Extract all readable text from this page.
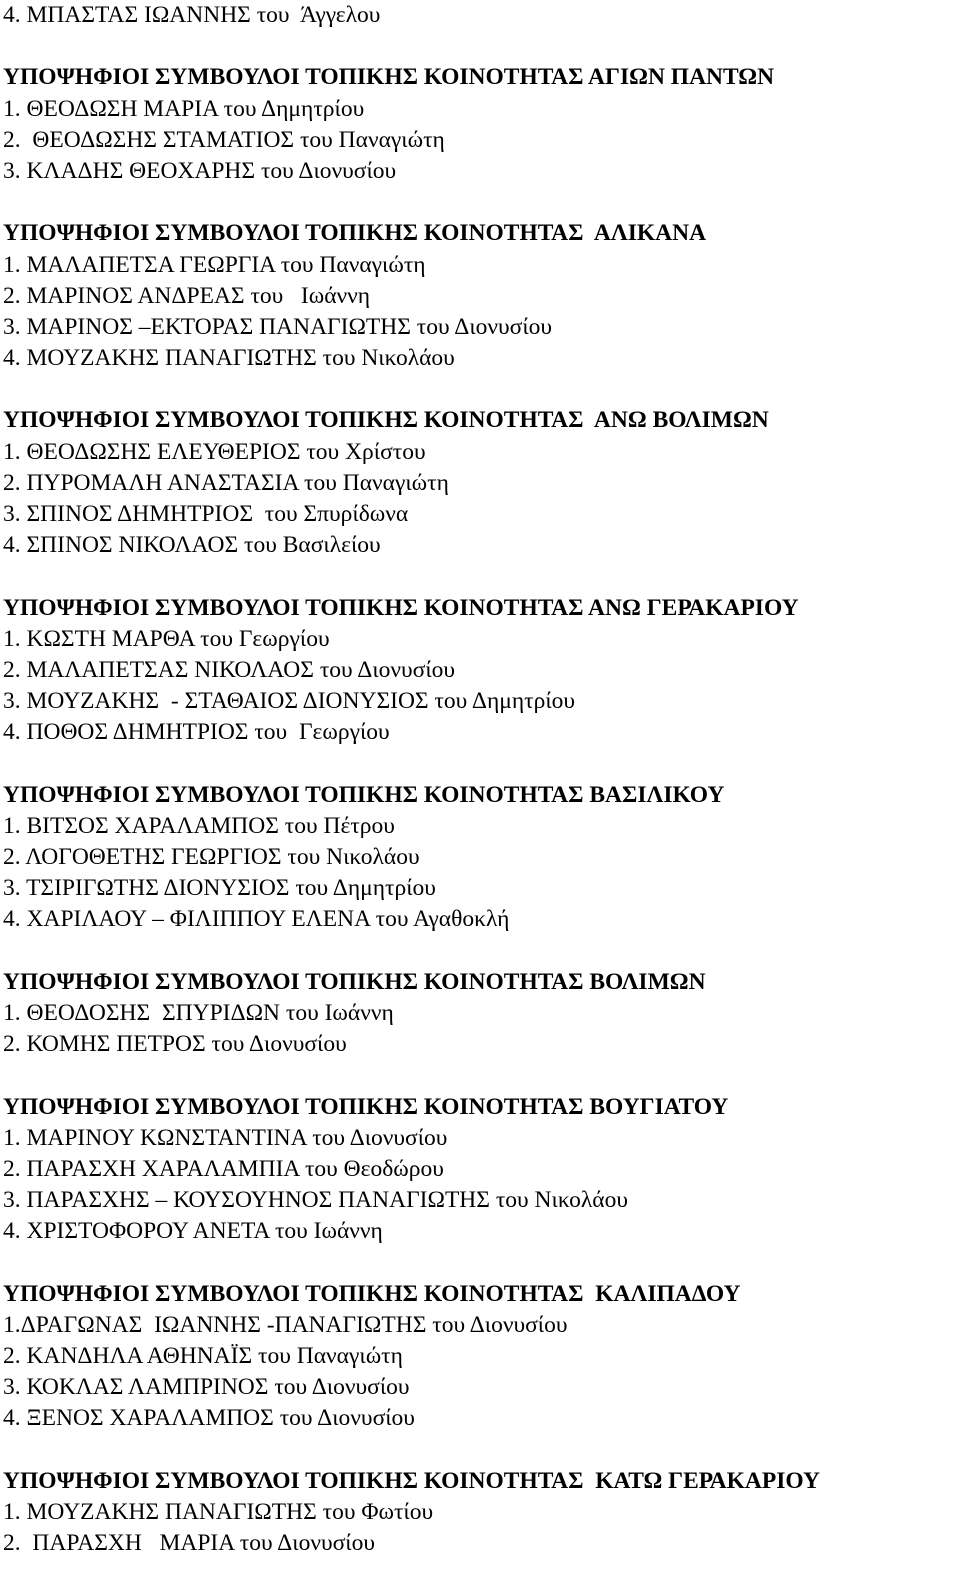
4. ΜΠΑΣΤΑΣ ΙΩΑΝΝΗΣ του  Άγγελου
ΥΠΟΨΗΦΙΟΙ ΣΥΜΒΟΥΛΟΙ ΤΟΠΙΚΗΣ ΚΟΙΝΟΤΗΤΑΣ ΑΓΙΩΝ ΠΑΝΤΩΝ
1. ΘΕΟΔΩΣΗ ΜΑΡΙΑ του Δημητρίου
2.  ΘΕΟΔΩΣΗΣ ΣΤΑΜΑΤΙΟΣ του Παναγιώτη
3. ΚΛΑΔΗΣ ΘΕΟΧΑΡΗΣ του Διονυσίου
ΥΠΟΨΗΦΙΟΙ ΣΥΜΒΟΥΛΟΙ ΤΟΠΙΚΗΣ ΚΟΙΝΟΤΗΤΑΣ  ΑΛΙΚΑΝΑ
1. ΜΑΛΑΠΕΤΣΑ ΓΕΩΡΓΙΑ του Παναγιώτη
2. ΜΑΡΙΝΟΣ ΑΝΔΡΕΑΣ του   Ιωάννη
3. ΜΑΡΙΝΟΣ –ΕΚΤΟΡΑΣ ΠΑΝΑΓΙΩΤΗΣ του Διονυσίου
4. ΜΟΥΖΑΚΗΣ ΠΑΝΑΓΙΩΤΗΣ του Νικολάου
ΥΠΟΨΗΦΙΟΙ ΣΥΜΒΟΥΛΟΙ ΤΟΠΙΚΗΣ ΚΟΙΝΟΤΗΤΑΣ  ΑΝΩ ΒΟΛΙΜΩΝ
1. ΘΕΟΔΩΣΗΣ ΕΛΕΥΘΕΡΙΟΣ του Χρίστου
2. ΠΥΡΟΜΑΛΗ ΑΝΑΣΤΑΣΙΑ του Παναγιώτη
3. ΣΠΙΝΟΣ ΔΗΜΗΤΡΙΟΣ  του Σπυρίδωνα
4. ΣΠΙΝΟΣ ΝΙΚΟΛΑΟΣ του Βασιλείου
ΥΠΟΨΗΦΙΟΙ ΣΥΜΒΟΥΛΟΙ ΤΟΠΙΚΗΣ ΚΟΙΝΟΤΗΤΑΣ ΑΝΩ ΓΕΡΑΚΑΡΙΟΥ
1. ΚΩΣΤΗ ΜΑΡΘΑ του Γεωργίου
2. ΜΑΛΑΠΕΤΣΑΣ ΝΙΚΟΛΑΟΣ του Διονυσίου
3. ΜΟΥΖΑΚΗΣ  - ΣΤΑΘΑΙΟΣ ΔΙΟΝΥΣΙΟΣ του Δημητρίου
4. ΠΟΘΟΣ ΔΗΜΗΤΡΙΟΣ του  Γεωργίου
ΥΠΟΨΗΦΙΟΙ ΣΥΜΒΟΥΛΟΙ ΤΟΠΙΚΗΣ ΚΟΙΝΟΤΗΤΑΣ ΒΑΣΙΛΙΚΟΥ
1. ΒΙΤΣΟΣ ΧΑΡΑΛΑΜΠΟΣ του Πέτρου
2. ΛΟΓΟΘΕΤΗΣ ΓΕΩΡΓΙΟΣ του Νικολάου
3. ΤΣΙΡΙΓΩΤΗΣ ΔΙΟΝΥΣΙΟΣ του Δημητρίου
4. ΧΑΡΙΛΑΟΥ – ΦΙΛΙΠΠΟΥ ΕΛΕΝΑ του Αγαθοκλή
ΥΠΟΨΗΦΙΟΙ ΣΥΜΒΟΥΛΟΙ ΤΟΠΙΚΗΣ ΚΟΙΝΟΤΗΤΑΣ ΒΟΛΙΜΩΝ
1. ΘΕΟΔΟΣΗΣ  ΣΠΥΡΙΔΩΝ του Ιωάννη
2. ΚΟΜΗΣ ΠΕΤΡΟΣ του Διονυσίου
ΥΠΟΨΗΦΙΟΙ ΣΥΜΒΟΥΛΟΙ ΤΟΠΙΚΗΣ ΚΟΙΝΟΤΗΤΑΣ ΒΟΥΓΙΑΤΟΥ
1. ΜΑΡΙΝΟΥ ΚΩΝΣΤΑΝΤΙΝΑ του Διονυσίου
2. ΠΑΡΑΣΧΗ ΧΑΡΑΛΑΜΠΙΑ του Θεοδώρου
3. ΠΑΡΑΣΧΗΣ – ΚΟΥΣΟΥΗΝΟΣ ΠΑΝΑΓΙΩΤΗΣ του Νικολάου
4. ΧΡΙΣΤΟΦΟΡΟΥ ΑΝΕΤΑ του Ιωάννη
ΥΠΟΨΗΦΙΟΙ ΣΥΜΒΟΥΛΟΙ ΤΟΠΙΚΗΣ ΚΟΙΝΟΤΗΤΑΣ  ΚΑΛΙΠΑΔΟΥ
1.ΔΡΑΓΩΝΑΣ  ΙΩΑΝΝΗΣ -ΠΑΝΑΓΙΩΤΗΣ του Διονυσίου
2. ΚΑΝΔΗΛΑ ΑΘΗΝΑΪΣ του Παναγιώτη
3. ΚΟΚΛΑΣ ΛΑΜΠΡΙΝΟΣ του Διονυσίου
4. ΞΕΝΟΣ ΧΑΡΑΛΑΜΠΟΣ του Διονυσίου
ΥΠΟΨΗΦΙΟΙ ΣΥΜΒΟΥΛΟΙ ΤΟΠΙΚΗΣ ΚΟΙΝΟΤΗΤΑΣ  ΚΑΤΩ ΓΕΡΑΚΑΡΙΟΥ
1. ΜΟΥΖΑΚΗΣ ΠΑΝΑΓΙΩΤΗΣ του Φωτίου
2.  ΠΑΡΑΣΧΗ   ΜΑΡΙΑ του Διονυσίου
